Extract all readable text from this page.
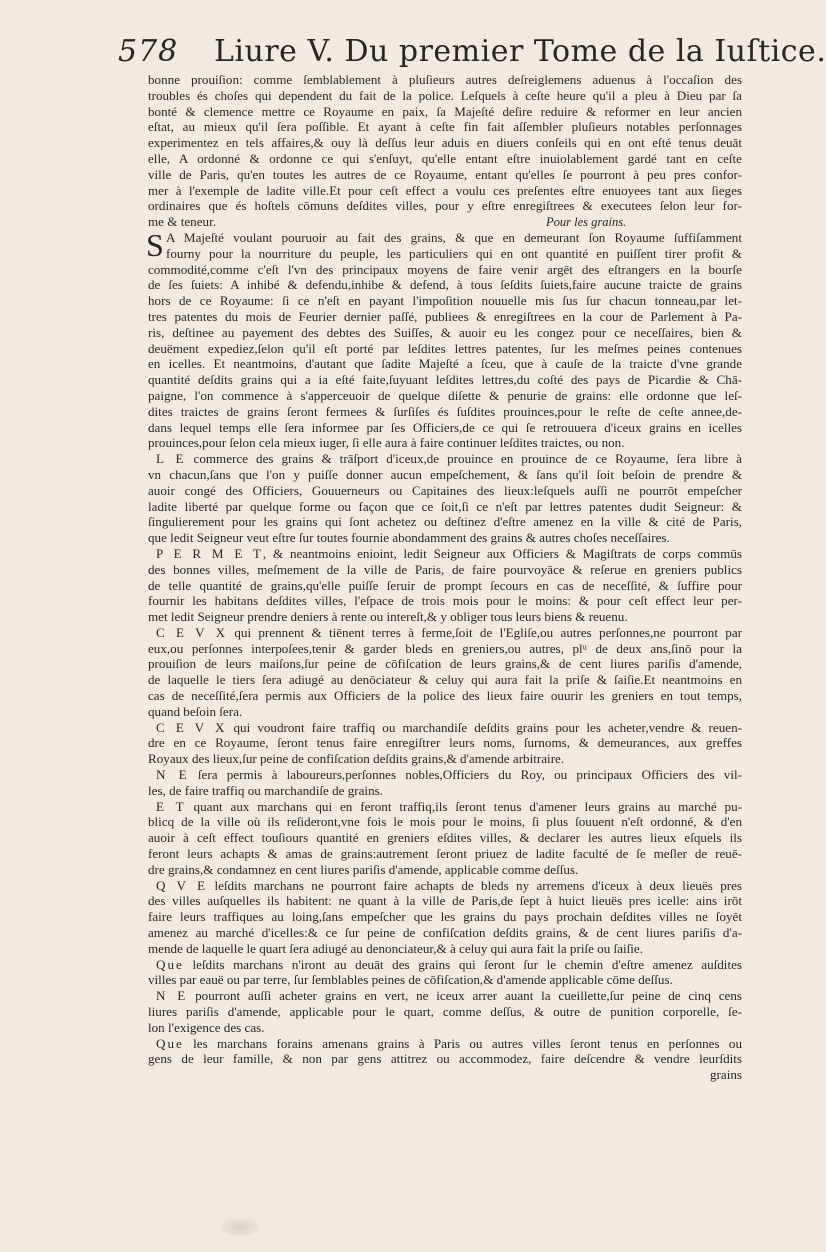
578 Liure V. Du premier Tome de la Iuſtice.
bonne prouiſion: comme ſemblablement à pluſieurs autres deſreiglemens aduenus à l'occaſion des
troubles és choſes qui dependent du fait de la police. Leſquels à ceſte heure qu'il a pleu à Dieu par ſa
bonté & clemence mettre ce Royaume en paix, ſa Majeſté deſire reduire & reformer en leur ancien
eſtat, au mieux qu'il ſera poſſible. Et ayant à ceſte fin fait aſſembler pluſieurs notables perſonnages
experimentez en tels affaires,& ouy là deſſus leur aduis en diuers conſeils qui en ont eſté tenus deuāt
elle, A ordonné & ordonne ce qui s'enſuyt, qu'elle entant eſtre inuiolablement gardé tant en ceſte
ville de Paris, qu'en toutes les autres de ce Royaume, entant qu'elles ſe pourront à peu pres confor-
mer à l'exemple de ladite ville.Et pour ceſt effect a voulu ces preſentes eſtre enuoyees tant aux ſieges
ordinaires que és hoſtels cōmuns deſdites villes, pour y eſtre enregiſtrees & executees ſelon leur for-
me & teneur.	Pour les grains.
S A Majeſté voulant pouruoir au fait des grains, & que en demeurant ſon Royaume ſuffiſamment
fourny pour la nourriture du peuple, les particuliers qui en ont quantité en puiſſent tirer profit &
commodité,comme c'eſt l'vn des principaux moyens de faire venir argēt des eſtrangers en la bourſe
de ſes ſuiets: A inhibé & defendu,inhibe & defend, à tous ſeſdits ſuiets,faire aucune traicte de grains
hors de ce Royaume: ſi ce n'eſt en payant l'impoſition nouuelle mis ſus ſur chacun tonneau,par let-
tres patentes du mois de Feurier dernier paſſé, publiees & enregiſtrees en la cour de Parlement à Pa-
ris, deſtinee au payement des debtes des Suiſſes, & auoir eu les congez pour ce neceſſaires, bien &
deuëment expediez,ſelon qu'il eſt porté par leſdites lettres patentes, ſur les meſmes peines contenues
en icelles. Et neantmoins, d'autant que ſadite Majeſté a ſceu, que à cauſe de la traicte d'vne grande
quantité deſdits grains qui a ia eſté faite,ſuyuant leſdites lettres,du coſté des pays de Picardie & Chā-
paigne, l'on commence à s'apperceuoir de quelque diſette & penurie de grains: elle ordonne que leſ-
dites traictes de grains ſeront fermees & ſurſiſes és ſuſdites prouinces,pour le reſte de ceſte annee,de-
dans lequel temps elle ſera informee par ſes Officiers,de ce qui ſe retrouuera d'iceux grains en icelles
prouinces,pour ſelon cela mieux iuger, ſi elle aura à faire continuer leſdites traictes, ou non.
L E commerce des grains & trāſport d'iceux,de prouince en prouince de ce Royaume, ſera libre à
vn chacun,ſans que l'on y puiſſe donner aucun empeſchement, & ſans qu'il ſoit beſoin de prendre &
auoir congé des Officiers, Gouuerneurs ou Capitaines des lieux:leſquels auſſi ne pourrōt empeſcher
ladite liberté par quelque forme ou façon que ce ſoit,ſi ce n'eſt par lettres patentes dudit Seigneur: &
ſingulierement pour les grains qui ſont achetez ou deſtinez d'eſtre amenez en la ville & cité de Paris,
que ledit Seigneur veut eſtre ſur toutes fournie abondamment des grains & autres choſes neceſſaires.
P E R M E T, & neantmoins enioint, ledit Seigneur aux Officiers & Magiſtrats de corps commūs
des bonnes villes, meſmement de la ville de Paris, de faire pourvoyāce & reſerue en greniers publics
de telle quantité de grains,qu'elle puiſſe ſeruir de prompt ſecours en cas de neceſſité, & ſuffire pour
fournir les habitans deſdites villes, l'eſpace de trois mois pour le moins: & pour ceſt effect leur per-
met ledit Seigneur prendre deniers à rente ou intereſt,& y obliger tous leurs biens & reuenu.
C E V X qui prennent & tiēnent terres à ferme,ſoit de l'Egliſe,ou autres perſonnes,ne pourront par
eux,ou perſonnes interpoſees,tenir & garder bleds en greniers,ou autres, plᵘ de deux ans,ſinō pour la
prouiſion de leurs maiſons,ſur peine de cōfiſcation de leurs grains,& de cent liures pariſis d'amende,
de laquelle le tiers ſera adiugé au denōciateur & celuy qui aura fait la priſe & ſaiſie.Et neantmoins en
cas de neceſſité,ſera permis aux Officiers de la police des lieux faire ouurir les greniers en tout temps,
quand beſoin ſera.
C E V X qui voudront faire traffiq ou marchandiſe deſdits grains pour les acheter,vendre & reuen-
dre en ce Royaume, ſeront tenus faire enregiſtrer leurs noms, ſurnoms, & demeurances, aux greffes
Royaux des lieux,ſur peine de confiſcation deſdits grains,& d'amende arbitraire.
N E ſera permis à laboureurs,perſonnes nobles,Officiers du Roy, ou principaux Officiers des vil-
les, de faire traffiq ou marchandiſe de grains.
E T quant aux marchans qui en feront traffiq,ils ſeront tenus d'amener leurs grains au marché pu-
blicq de la ville où ils reſideront,vne fois le mois pour le moins, ſi plus ſouuent n'eſt ordonné, & d'en
auoir à ceſt effect touſiours quantité en greniers eſdites villes, & declarer les autres lieux eſquels ils
feront leurs achapts & amas de grains:autrement ſeront priuez de ladite faculté de ſe meſler de reuē-
dre grains,& condamnez en cent liures pariſis d'amende, applicable comme deſſus.
Q V E leſdits marchans ne pourront faire achapts de bleds ny arremens d'iceux à deux lieuës pres
des villes auſquelles ils habitent: ne quant à la ville de Paris,de ſept à huict lieuës pres icelle: ains irōt
faire leurs traffiques au loing,ſans empeſcher que les grains du pays prochain deſdites villes ne ſoyēt
amenez au marché d'icelles:& ce ſur peine de confiſcation deſdits grains, & de cent liures pariſis d'a-
mende de laquelle le quart ſera adiugé au denonciateur,& à celuy qui aura fait la priſe ou ſaiſie.
Que leſdits marchans n'iront au deuāt des grains qui ſeront ſur le chemin d'eſtre amenez auſdites
villes par eauë ou par terre, ſur ſemblables peines de cōfiſcation,& d'amende applicable cōme deſſus.
N E pourront auſſi acheter grains en vert, ne iceux arrer auant la cueillette,ſur peine de cinq cens
liures pariſis d'amende, applicable pour le quart, comme deſſus, & outre de punition corporelle, ſe-
lon l'exigence des cas.
Que les marchans forains amenans grains à Paris ou autres villes ſeront tenus en perſonnes ou
gens de leur famille, & non par gens attitrez ou accommodez, faire deſcendre & vendre leurſdits
grains
